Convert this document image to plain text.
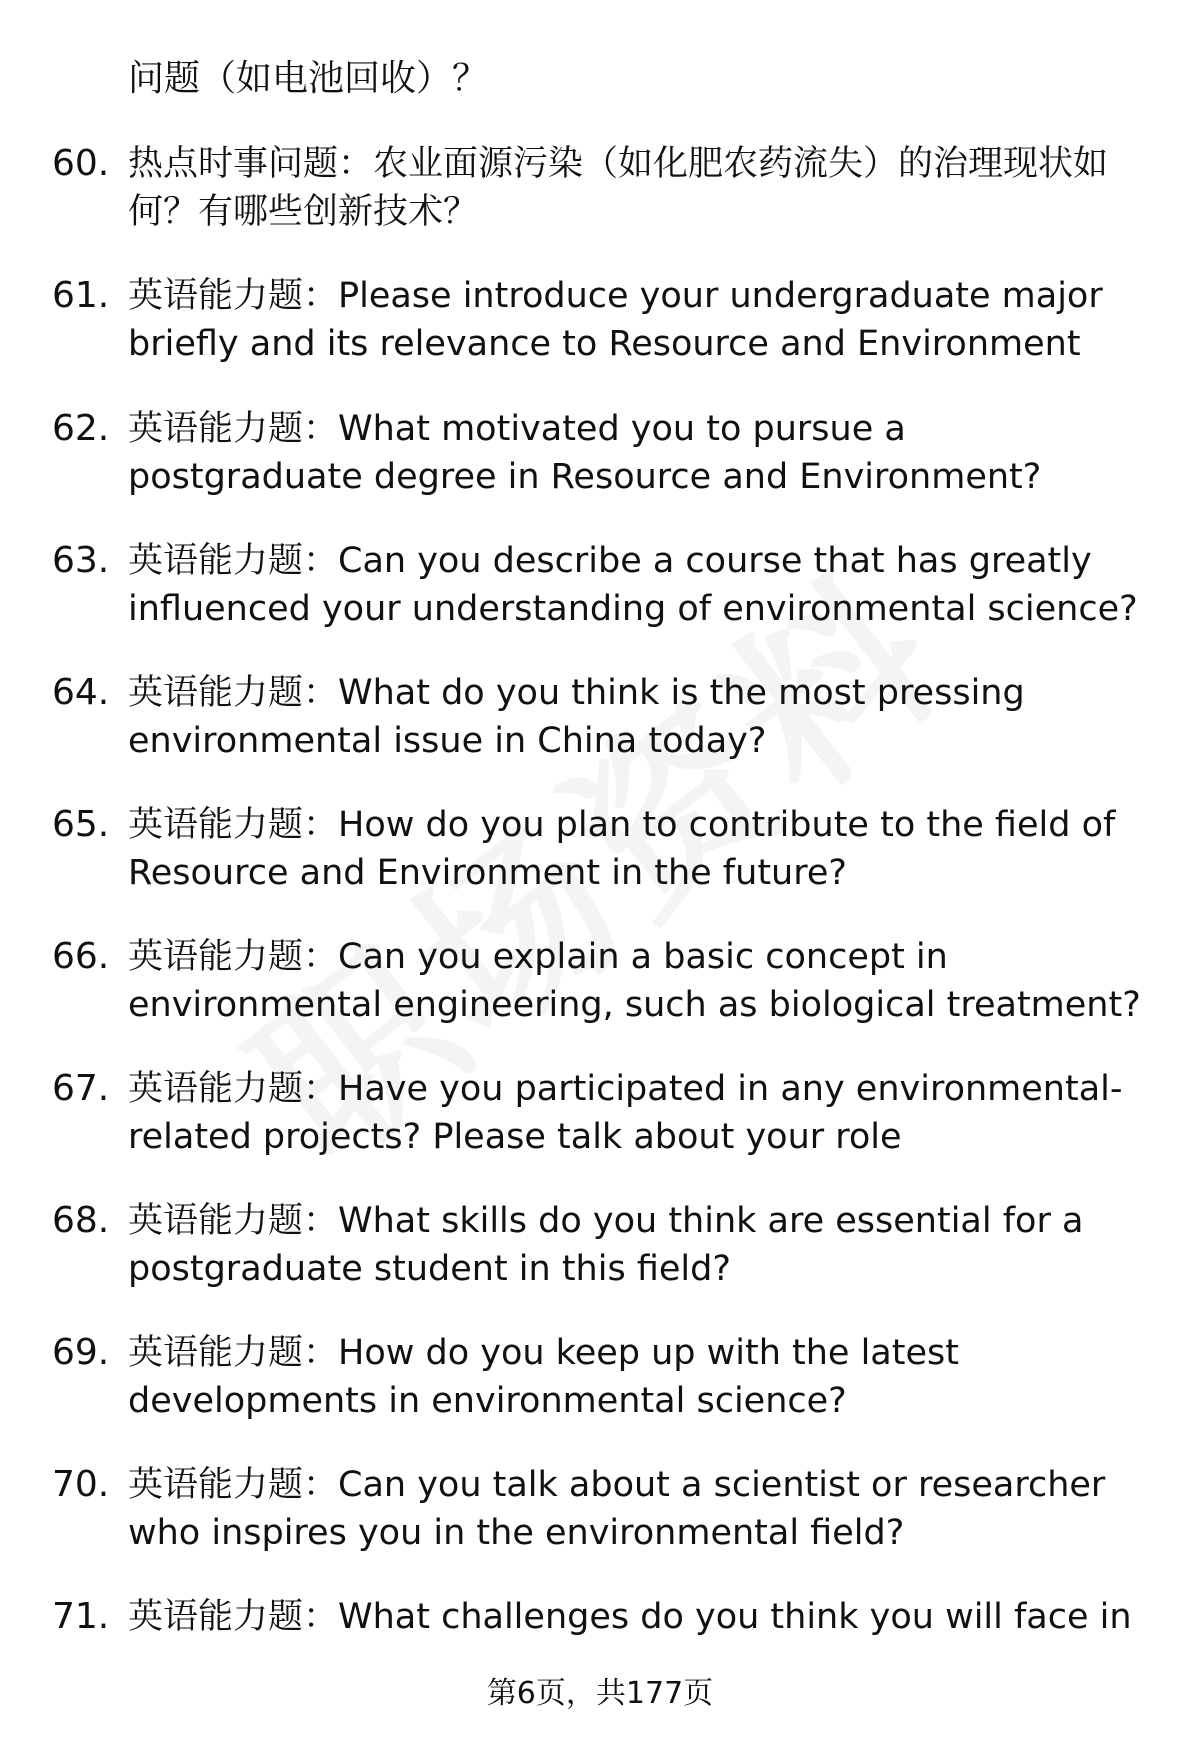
问题（如电池回收）？
60. 热点时事问题：农业面源污染（如化肥农药流失）的治理现状如何？有哪些创新技术？
61. 英语能力题：Please introduce your undergraduate major briefly and its relevance to Resource and Environment
62. 英语能力题：What motivated you to pursue a postgraduate degree in Resource and Environment?
63. 英语能力题：Can you describe a course that has greatly influenced your understanding of environmental science?
64. 英语能力题：What do you think is the most pressing environmental issue in China today?
65. 英语能力题：How do you plan to contribute to the field of Resource and Environment in the future?
66. 英语能力题：Can you explain a basic concept in environmental engineering, such as biological treatment?
67. 英语能力题：Have you participated in any environmental-related projects? Please talk about your role
68. 英语能力题：What skills do you think are essential for a postgraduate student in this field?
69. 英语能力题：How do you keep up with the latest developments in environmental science?
70. 英语能力题：Can you talk about a scientist or researcher who inspires you in the environmental field?
71. 英语能力题：What challenges do you think you will face in
第6页，共177页
